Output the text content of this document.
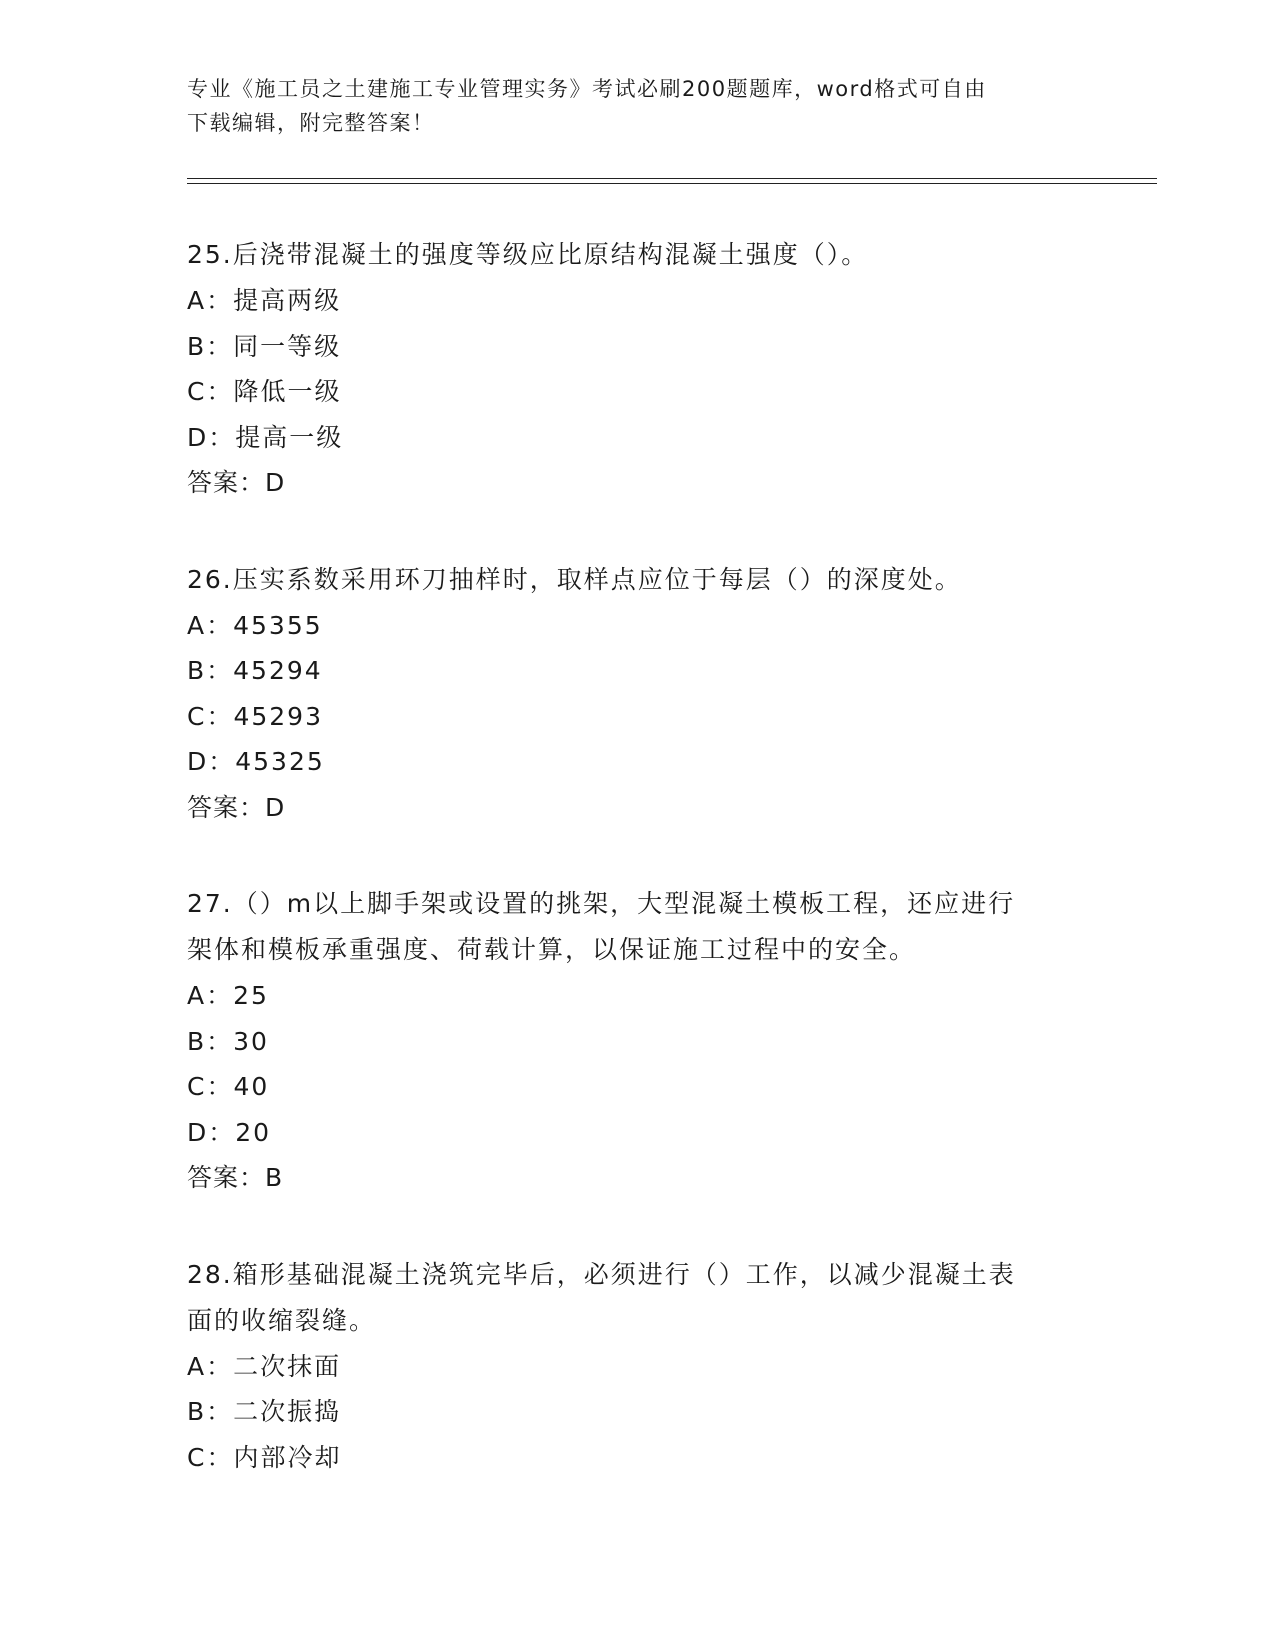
专业《施工员之土建施工专业管理实务》考试必刷200题题库，word格式可自由
下载编辑，附完整答案！

25.后浇带混凝土的强度等级应比原结构混凝土强度（）。

A：提高两级

B：同一等级

C：降低一级

D：提高一级

答案：D

26.压实系数采用环刀抽样时，取样点应位于每层（）的深度处。

A：45355

B：45294

C：45293

D：45325

答案：D

27.（）m以上脚手架或设置的挑架，大型混凝土模板工程，还应进行

架体和模板承重强度、荷载计算，以保证施工过程中的安全。

A：25

B：30

C：40

D：20

答案：B

28.箱形基础混凝土浇筑完毕后，必须进行（）工作，以减少混凝土表

面的收缩裂缝。

A：二次抹面

B：二次振捣

C：内部冷却
